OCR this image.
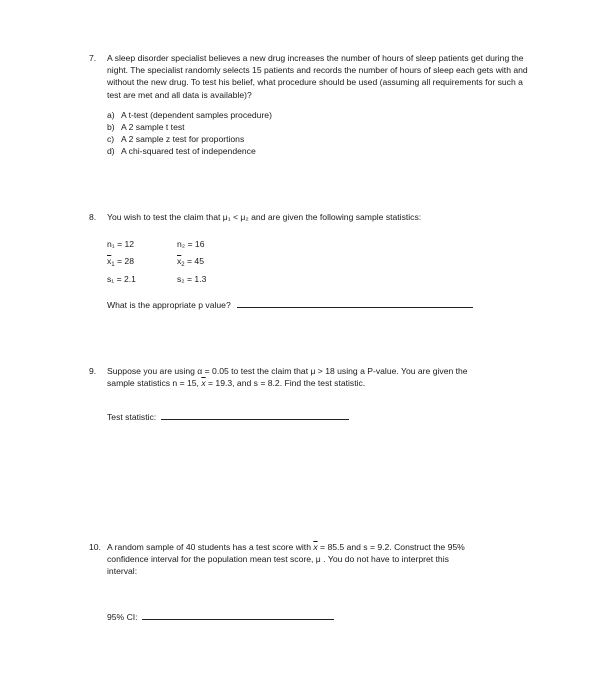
7.	A sleep disorder specialist believes a new drug increases the number of hours of sleep patients get during the night. The specialist randomly selects 15 patients and records the number of hours of sleep each gets with and without the new drug. To test his belief, what procedure should be used (assuming all requirements for such a test are met and all data is available)?
a) A t-test (dependent samples procedure)
b) A 2 sample t test
c) A 2 sample z test for proportions
d) A chi-squared test of independence
8.	You wish to test the claim that μ₁ < μ₂ and are given the following sample statistics:
n₁ = 12	n₂ = 16
$\overline{x}_1 = 28$	$\overline{x}_2 = 45$
s₁ = 2.1	s₂ = 1.3
What is the appropriate p value?
9.	Suppose you are using α = 0.05 to test the claim that μ > 18 using a P-value. You are given the
sample statistics n = 15, $\overline{x} = 19.3$, and s = 8.2. Find the test statistic.
Test statistic:
10. A random sample of 40 students has a test score with $\overline{x} = 85.5$ and s = 9.2. Construct the 95%
confidence interval for the population mean test score, μ . You do not have to interpret this
interval:
95% CI:
